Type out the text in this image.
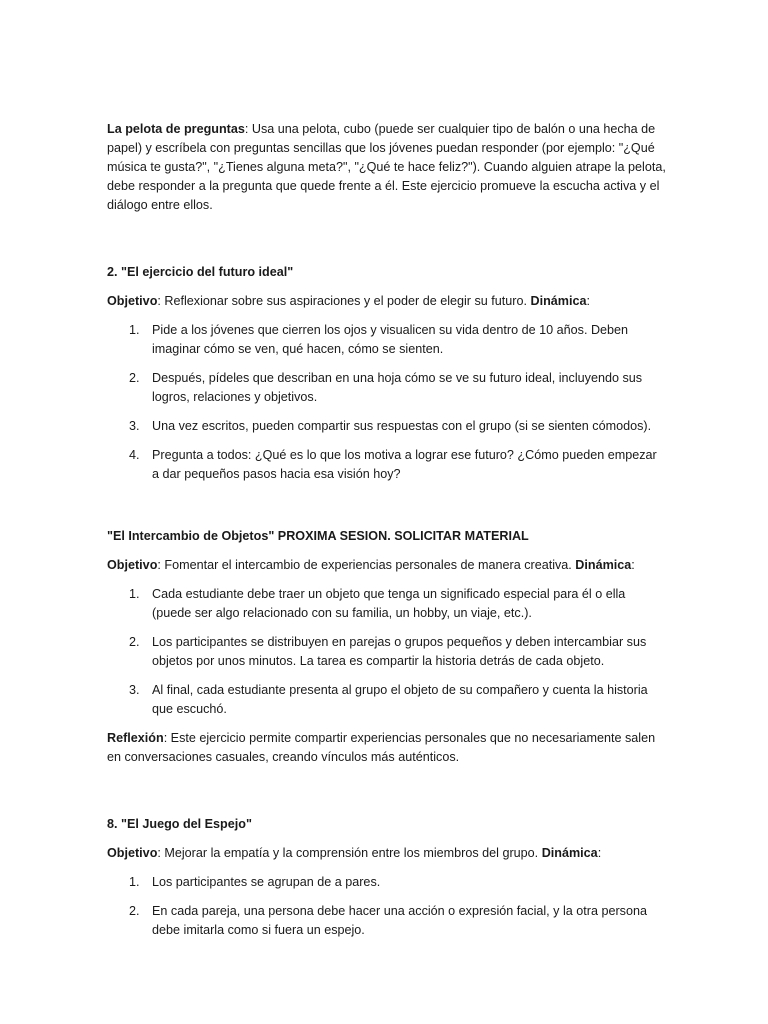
La pelota de preguntas: Usa una pelota, cubo (puede ser cualquier tipo de balón o una hecha de papel) y escríbela con preguntas sencillas que los jóvenes puedan responder (por ejemplo: "¿Qué música te gusta?", "¿Tienes alguna meta?", "¿Qué te hace feliz?"). Cuando alguien atrape la pelota, debe responder a la pregunta que quede frente a él. Este ejercicio promueve la escucha activa y el diálogo entre ellos.

2. "El ejercicio del futuro ideal"

Objetivo: Reflexionar sobre sus aspiraciones y el poder de elegir su futuro. Dinámica:

1. Pide a los jóvenes que cierren los ojos y visualicen su vida dentro de 10 años. Deben imaginar cómo se ven, qué hacen, cómo se sienten.
2. Después, pídeles que describan en una hoja cómo se ve su futuro ideal, incluyendo sus logros, relaciones y objetivos.
3. Una vez escritos, pueden compartir sus respuestas con el grupo (si se sienten cómodos).
4. Pregunta a todos: ¿Qué es lo que los motiva a lograr ese futuro? ¿Cómo pueden empezar a dar pequeños pasos hacia esa visión hoy?

"El Intercambio de Objetos" PROXIMA SESION. SOLICITAR MATERIAL

Objetivo: Fomentar el intercambio de experiencias personales de manera creativa. Dinámica:

1. Cada estudiante debe traer un objeto que tenga un significado especial para él o ella (puede ser algo relacionado con su familia, un hobby, un viaje, etc.).
2. Los participantes se distribuyen en parejas o grupos pequeños y deben intercambiar sus objetos por unos minutos. La tarea es compartir la historia detrás de cada objeto.
3. Al final, cada estudiante presenta al grupo el objeto de su compañero y cuenta la historia que escuchó.

Reflexión: Este ejercicio permite compartir experiencias personales que no necesariamente salen en conversaciones casuales, creando vínculos más auténticos.

8. "El Juego del Espejo"

Objetivo: Mejorar la empatía y la comprensión entre los miembros del grupo. Dinámica:

1. Los participantes se agrupan de a pares.
2. En cada pareja, una persona debe hacer una acción o expresión facial, y la otra persona debe imitarla como si fuera un espejo.
